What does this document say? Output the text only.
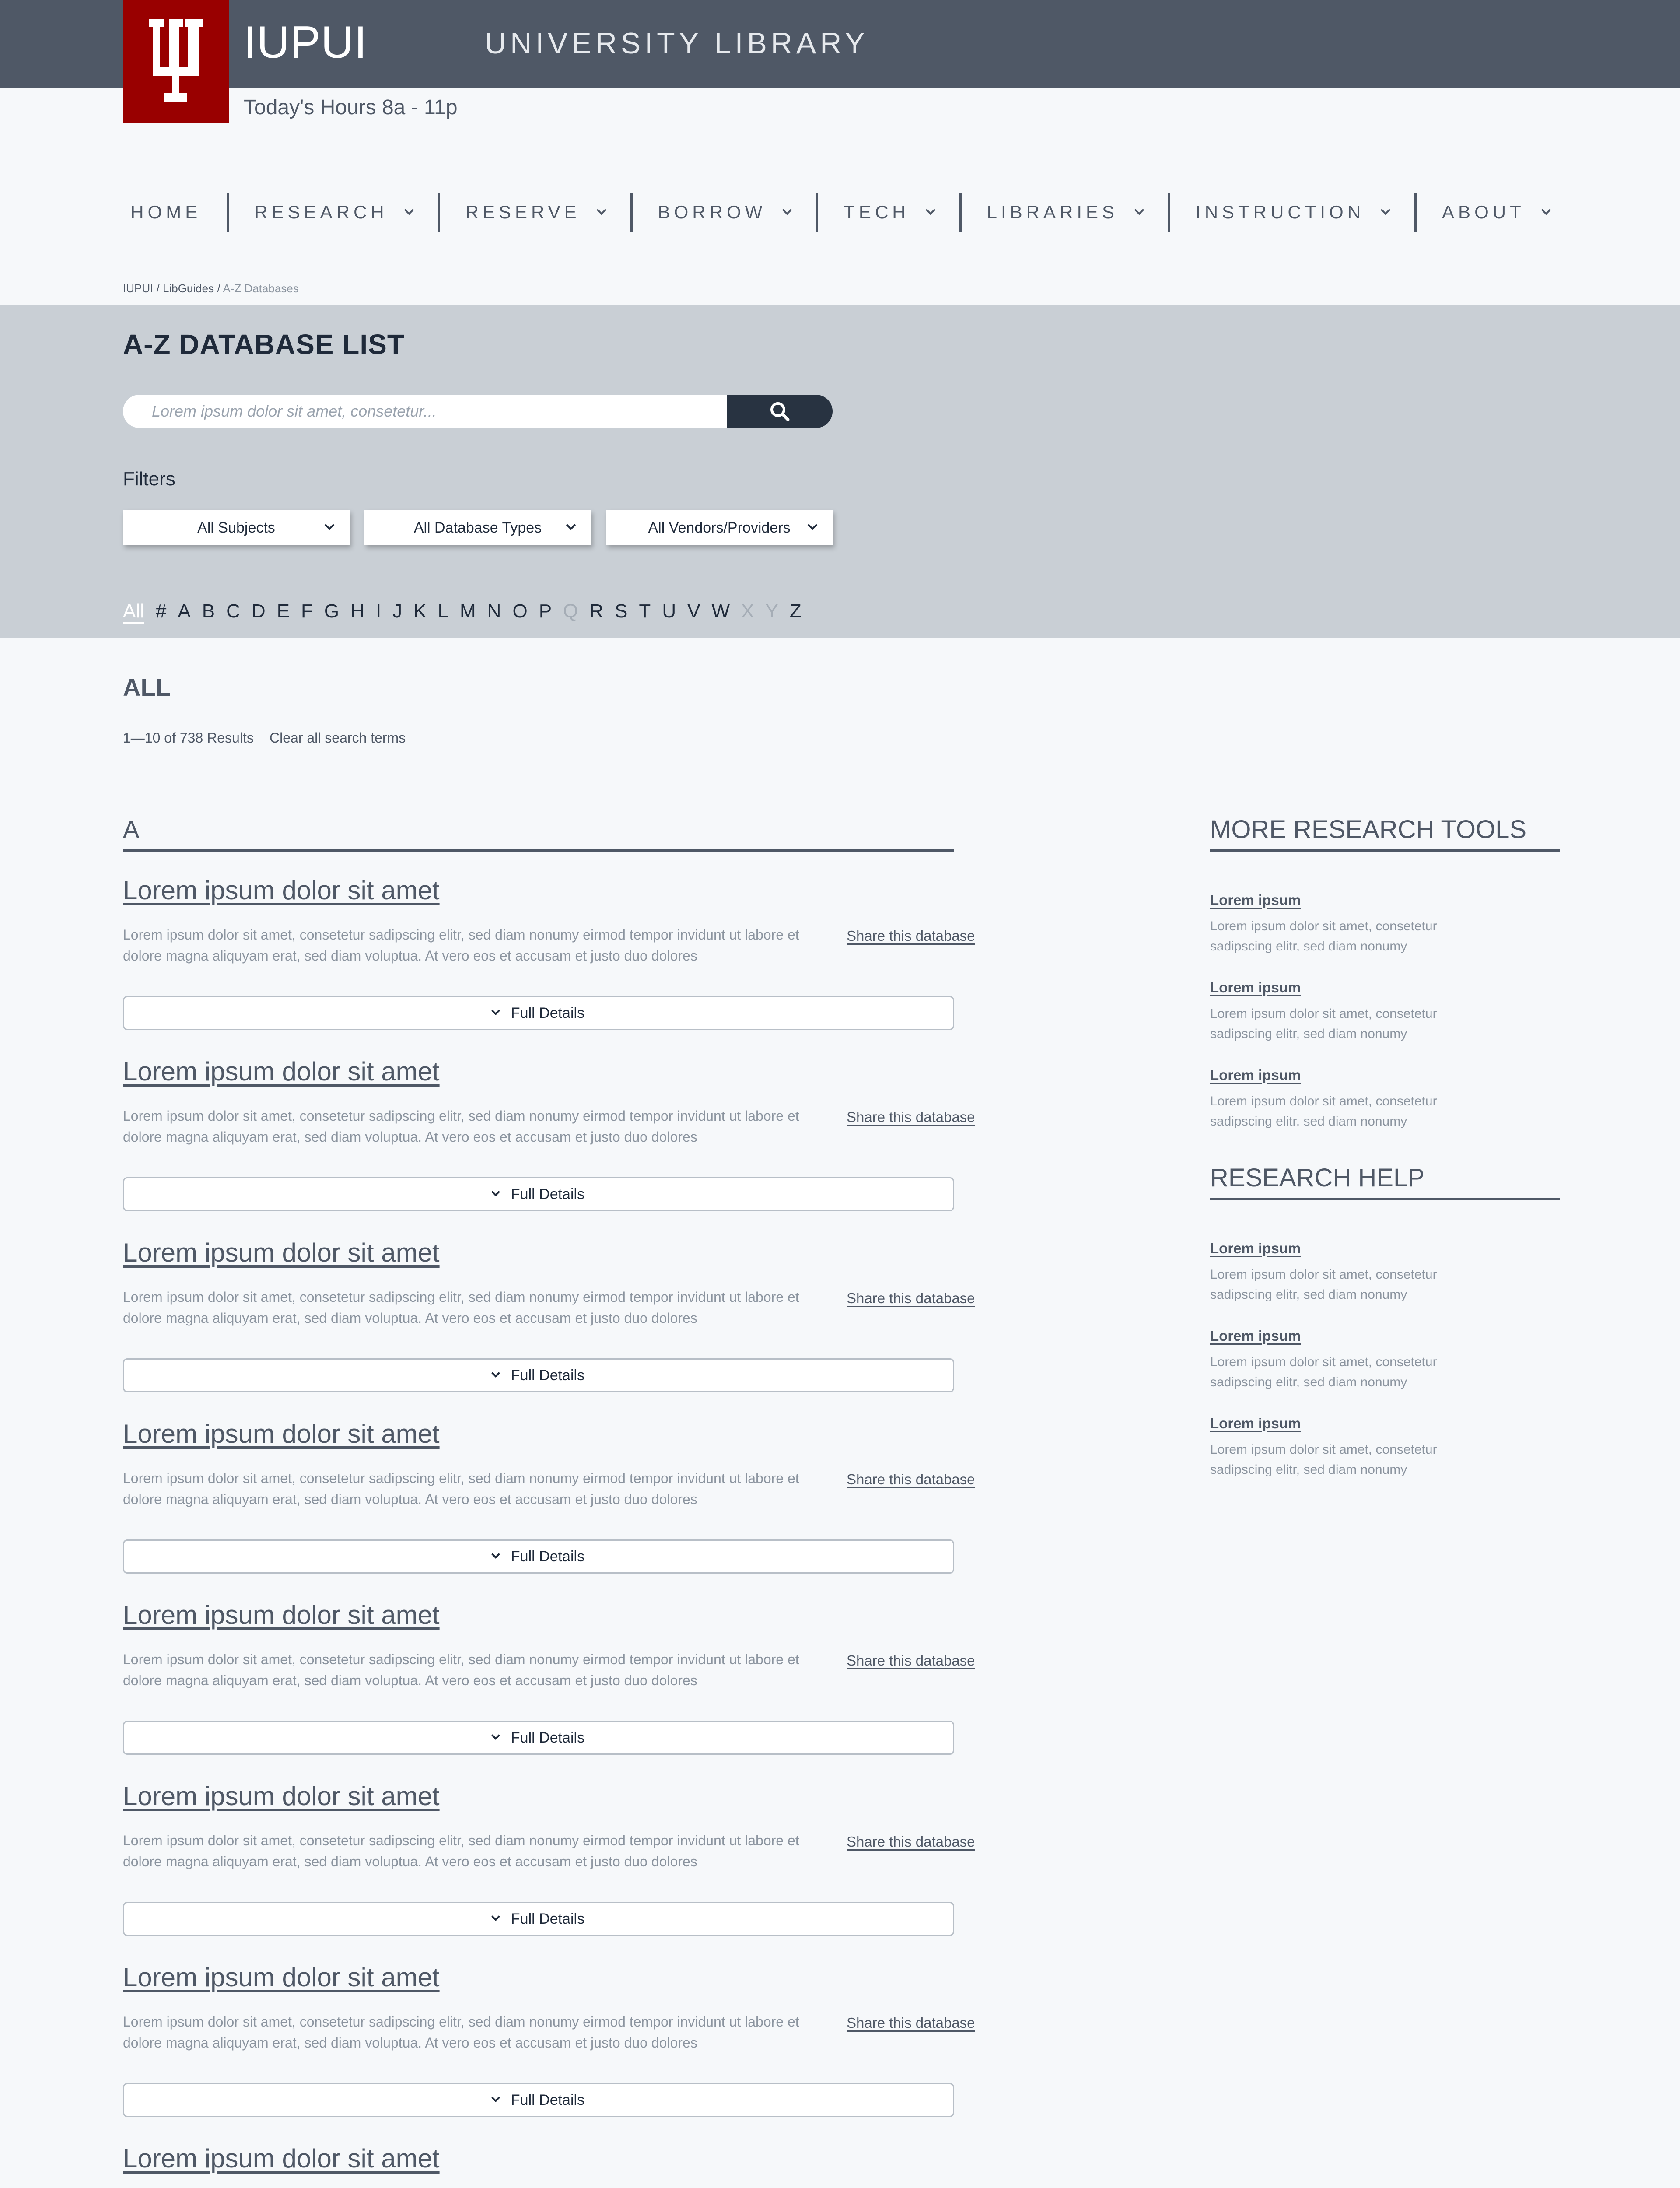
IUPUI	UNIVERSITY LIBRARY
Today's Hours 8a - 11p
HOME	RESEARCH	RESERVE	BORROW	TECH	LIBRARIES	INSTRUCTION	ABOUT
IUPUI / LibGuides / A-Z Databases
A-Z DATABASE LIST
Lorem ipsum dolor sit amet, consetetur...
Filters
All Subjects	All Database Types	All Vendors/Providers
All # A B C D E F G H I J K L M N O P Q R S T U V W X Y Z
ALL
1—10 of 738 Results Clear all search terms
A
Lorem ipsum dolor sit amet
Lorem ipsum dolor sit amet, consetetur sadipscing elitr, sed diam nonumy eirmod tempor invidunt ut labore et dolore magna aliquyam erat, sed diam voluptua. At vero eos et accusam et justo duo dolores
Share this database
Full Details
Lorem ipsum dolor sit amet
Lorem ipsum dolor sit amet, consetetur sadipscing elitr, sed diam nonumy eirmod tempor invidunt ut labore et dolore magna aliquyam erat, sed diam voluptua. At vero eos et accusam et justo duo dolores
Share this database
Full Details
Lorem ipsum dolor sit amet
Lorem ipsum dolor sit amet, consetetur sadipscing elitr, sed diam nonumy eirmod tempor invidunt ut labore et dolore magna aliquyam erat, sed diam voluptua. At vero eos et accusam et justo duo dolores
Share this database
Full Details
Lorem ipsum dolor sit amet
Lorem ipsum dolor sit amet, consetetur sadipscing elitr, sed diam nonumy eirmod tempor invidunt ut labore et dolore magna aliquyam erat, sed diam voluptua. At vero eos et accusam et justo duo dolores
Share this database
Full Details
Lorem ipsum dolor sit amet
Lorem ipsum dolor sit amet, consetetur sadipscing elitr, sed diam nonumy eirmod tempor invidunt ut labore et dolore magna aliquyam erat, sed diam voluptua. At vero eos et accusam et justo duo dolores
Share this database
Full Details
Lorem ipsum dolor sit amet
Lorem ipsum dolor sit amet, consetetur sadipscing elitr, sed diam nonumy eirmod tempor invidunt ut labore et dolore magna aliquyam erat, sed diam voluptua. At vero eos et accusam et justo duo dolores
Share this database
Full Details
Lorem ipsum dolor sit amet
Lorem ipsum dolor sit amet, consetetur sadipscing elitr, sed diam nonumy eirmod tempor invidunt ut labore et dolore magna aliquyam erat, sed diam voluptua. At vero eos et accusam et justo duo dolores
Share this database
Full Details
Lorem ipsum dolor sit amet
MORE RESEARCH TOOLS
Lorem ipsum
Lorem ipsum dolor sit amet, consetetur sadipscing elitr, sed diam nonumy
Lorem ipsum
Lorem ipsum dolor sit amet, consetetur sadipscing elitr, sed diam nonumy
Lorem ipsum
Lorem ipsum dolor sit amet, consetetur sadipscing elitr, sed diam nonumy
RESEARCH HELP
Lorem ipsum
Lorem ipsum dolor sit amet, consetetur sadipscing elitr, sed diam nonumy
Lorem ipsum
Lorem ipsum dolor sit amet, consetetur sadipscing elitr, sed diam nonumy
Lorem ipsum
Lorem ipsum dolor sit amet, consetetur sadipscing elitr, sed diam nonumy
